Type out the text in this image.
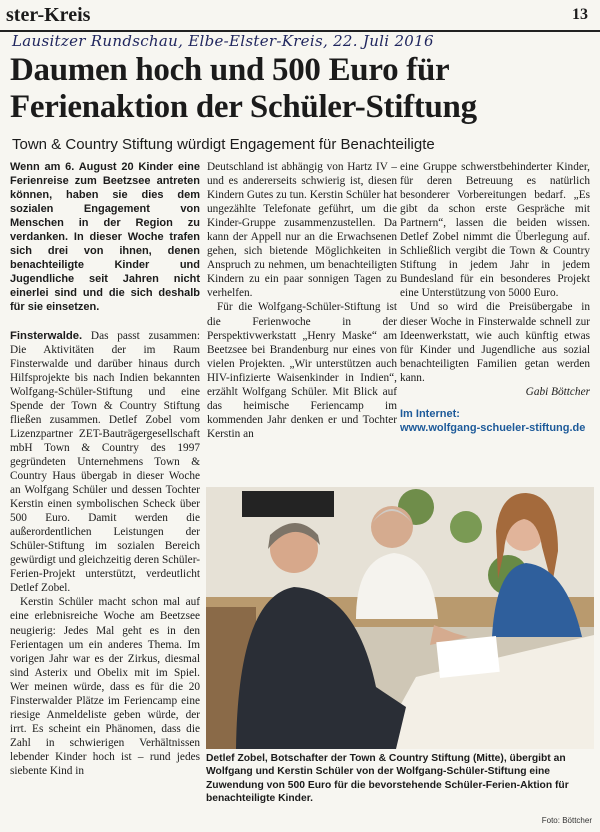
ster-Kreis	13
Lausitzer Rundschau, Elbe-Elster-Kreis, 22. Juli 2016
Daumen hoch und 500 Euro für
Ferienaktion der Schüler-Stiftung
Town & Country Stiftung würdigt Engagement für Benachteiligte

Wenn am 6. August 20 Kinder eine Ferienreise zum Beetzsee antreten können, haben sie dies dem sozialen Engagement von Menschen in der Region zu verdanken. In dieser Woche trafen sich drei von ihnen, denen benachteiligte Kinder und Jugendliche seit Jahren nicht einerlei sind und die sich deshalb für sie einsetzen.

Finsterwalde. Das passt zusammen: Die Aktivitäten der im Raum Finsterwalde und darüber hinaus durch Hilfsprojekte bis nach Indien bekannten Wolfgang-Schüler-Stiftung und eine Spende der Town & Country Stiftung fließen zusammen. Detlef Zobel vom Lizenzpartner ZET-Bauträgergesellschaft mbH Town & Country des 1997 gegründeten Unternehmens Town & Country Haus übergab in dieser Woche an Wolfgang Schüler und dessen Tochter Kerstin einen symbolischen Scheck über 500 Euro. Damit werden die außerordentlichen Leistungen der Schüler-Stiftung im sozialen Bereich gewürdigt und gleichzeitig deren Schüler-Ferien-Projekt unterstützt, verdeutlicht Detlef Zobel.

Kerstin Schüler macht schon mal auf eine erlebnisreiche Woche am Beetzsee neugierig: Jedes Mal geht es in den Ferientagen um ein anderes Thema. Im vorigen Jahr war es der Zirkus, diesmal sind Asterix und Obelix mit im Spiel. Wer meinen würde, dass es für die 20 Finsterwalder Plätze im Feriencamp eine riesige Anmeldeliste geben würde, der irrt. Es scheint ein Phänomen, dass die Zahl in schwierigen Verhältnissen lebender Kinder hoch ist – rund jedes siebente Kind in

Deutschland ist abhängig von Hartz IV – und es andererseits schwierig ist, diesen Kindern Gutes zu tun. Kerstin Schüler hat ungezählte Telefonate geführt, um die Kinder-Gruppe zusammenzustellen. Da kann der Appell nur an die Erwachsenen gehen, sich bietende Möglichkeiten in Anspruch zu nehmen, um benachteiligten Kindern zu ein paar sonnigen Tagen zu verhelfen.

Für die Wolfgang-Schüler-Stiftung ist die Ferienwoche in der Perspektivwerkstatt „Henry Maske“ am Beetzsee bei Brandenburg nur eines von vielen Projekten. „Wir unterstützen auch HIV-infizierte Waisenkinder in Indien“, erzählt Wolfgang Schüler. Mit Blick auf das heimische Feriencamp im kommenden Jahr denken er und Tochter Kerstin an

eine Gruppe schwerstbehinderter Kinder, für deren Betreuung es natürlich besonderer Vorbereitungen bedarf. „Es gibt da schon erste Gespräche mit Partnern“, lassen die beiden wissen. Detlef Zobel nimmt die Überlegung auf. Schließlich vergibt die Town & Country Stiftung in jedem Jahr in jedem Bundesland für ein besonderes Projekt eine Unterstützung von 5000 Euro.

Und so wird die Preisübergabe in dieser Woche in Finsterwalde schnell zur Ideenwerkstatt, wie auch künftig etwas für Kinder und Jugendliche aus sozial benachteiligten Familien getan werden kann.

Gabi Böttcher

Im Internet:
www.wolfgang-schueler-stiftung.de
Detlef Zobel, Botschafter der Town & Country Stiftung (Mitte), übergibt an Wolfgang und Kerstin Schüler von der Wolfgang-Schüler-Stiftung eine Zuwendung von 500 Euro für die bevorstehende Schüler-Ferien-Aktion für benachteiligte Kinder.
Foto: Böttcher
